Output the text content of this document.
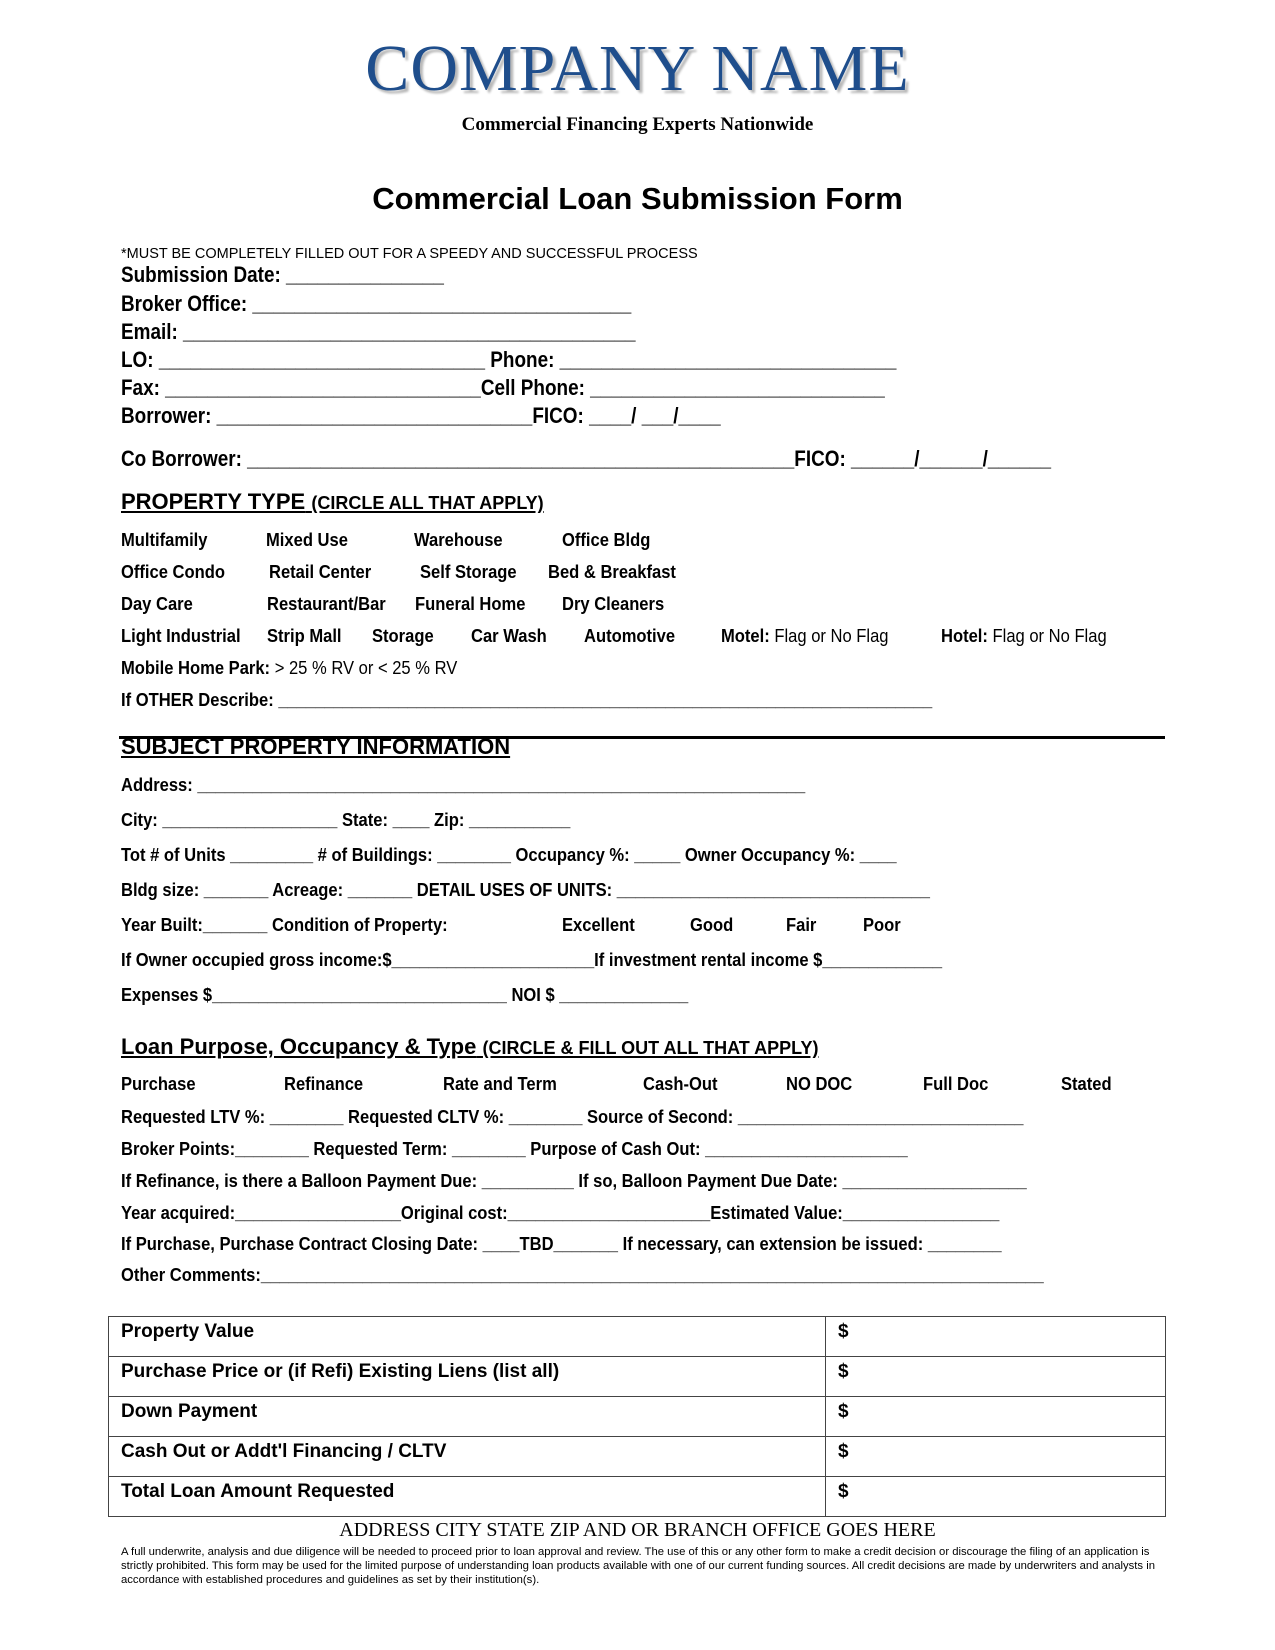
COMPANY NAME
Commercial Financing Experts Nationwide
Commercial Loan Submission Form
*MUST BE COMPLETELY FILLED OUT FOR A SPEEDY AND SUCCESSFUL PROCESS
Submission Date: _______________
Broker Office: ____________________________________
Email: ___________________________________________
LO: _______________________________ Phone: ________________________________
Fax: ______________________________Cell Phone: ____________________________
Borrower: ______________________________FICO: ____/ ___/____
Co Borrower: ____________________________________________________FICO: ______/______/______
PROPERTY TYPE (CIRCLE ALL THAT APPLY)
Multifamily	Mixed Use	Warehouse	Office Bldg
Office Condo Retail Center	Self Storage Bed & Breakfast
Day Care	Restaurant/Bar Funeral Home Dry Cleaners
Light Industrial Strip Mall Storage Car Wash Automotive	Motel: Flag or No Flag	Hotel: Flag or No Flag
Mobile Home Park: > 25 % RV or < 25 % RV
If OTHER Describe: _______________________________________________________________________
SUBJECT PROPERTY INFORMATION
Address: __________________________________________________________________
City: ___________________ State: ____ Zip: ___________
Tot # of Units _________ # of Buildings: ________ Occupancy %: _____ Owner Occupancy %: ____
Bldg size: _______ Acreage: _______ DETAIL USES OF UNITS: __________________________________
Year Built:_______ Condition of Property:	Excellent	Good	Fair	Poor
If Owner occupied gross income:$______________________If investment rental income $_____________
Expenses $________________________________ NOI $ ______________
Loan Purpose, Occupancy & Type (CIRCLE & FILL OUT ALL THAT APPLY)
Purchase	Refinance	Rate and Term	Cash-Out	NO DOC	Full Doc	Stated
Requested LTV %: ________ Requested CLTV %: ________ Source of Second: _______________________________
Broker Points:________ Requested Term: ________ Purpose of Cash Out: ______________________
If Refinance, is there a Balloon Payment Due: __________ If so, Balloon Payment Due Date: ____________________
Year acquired:__________________Original cost:______________________Estimated Value:_________________
If Purchase, Purchase Contract Closing Date: ____TBD_______ If necessary, can extension be issued: ________
Other Comments:_____________________________________________________________________________________
Property Value	$
Purchase Price or (if Refi) Existing Liens (list all)	$
Down Payment	$
Cash Out or Addt'l Financing / CLTV	$
Total Loan Amount Requested	$
ADDRESS CITY STATE ZIP AND OR BRANCH OFFICE GOES HERE
A full underwrite, analysis and due diligence will be needed to proceed prior to loan approval and review. The use of this or any other form to make a credit decision or discourage the filing of an application is strictly prohibited. This form may be used for the limited purpose of understanding loan products available with one of our current funding sources. All credit decisions are made by underwriters and analysts in accordance with established procedures and guidelines as set by their institution(s).
